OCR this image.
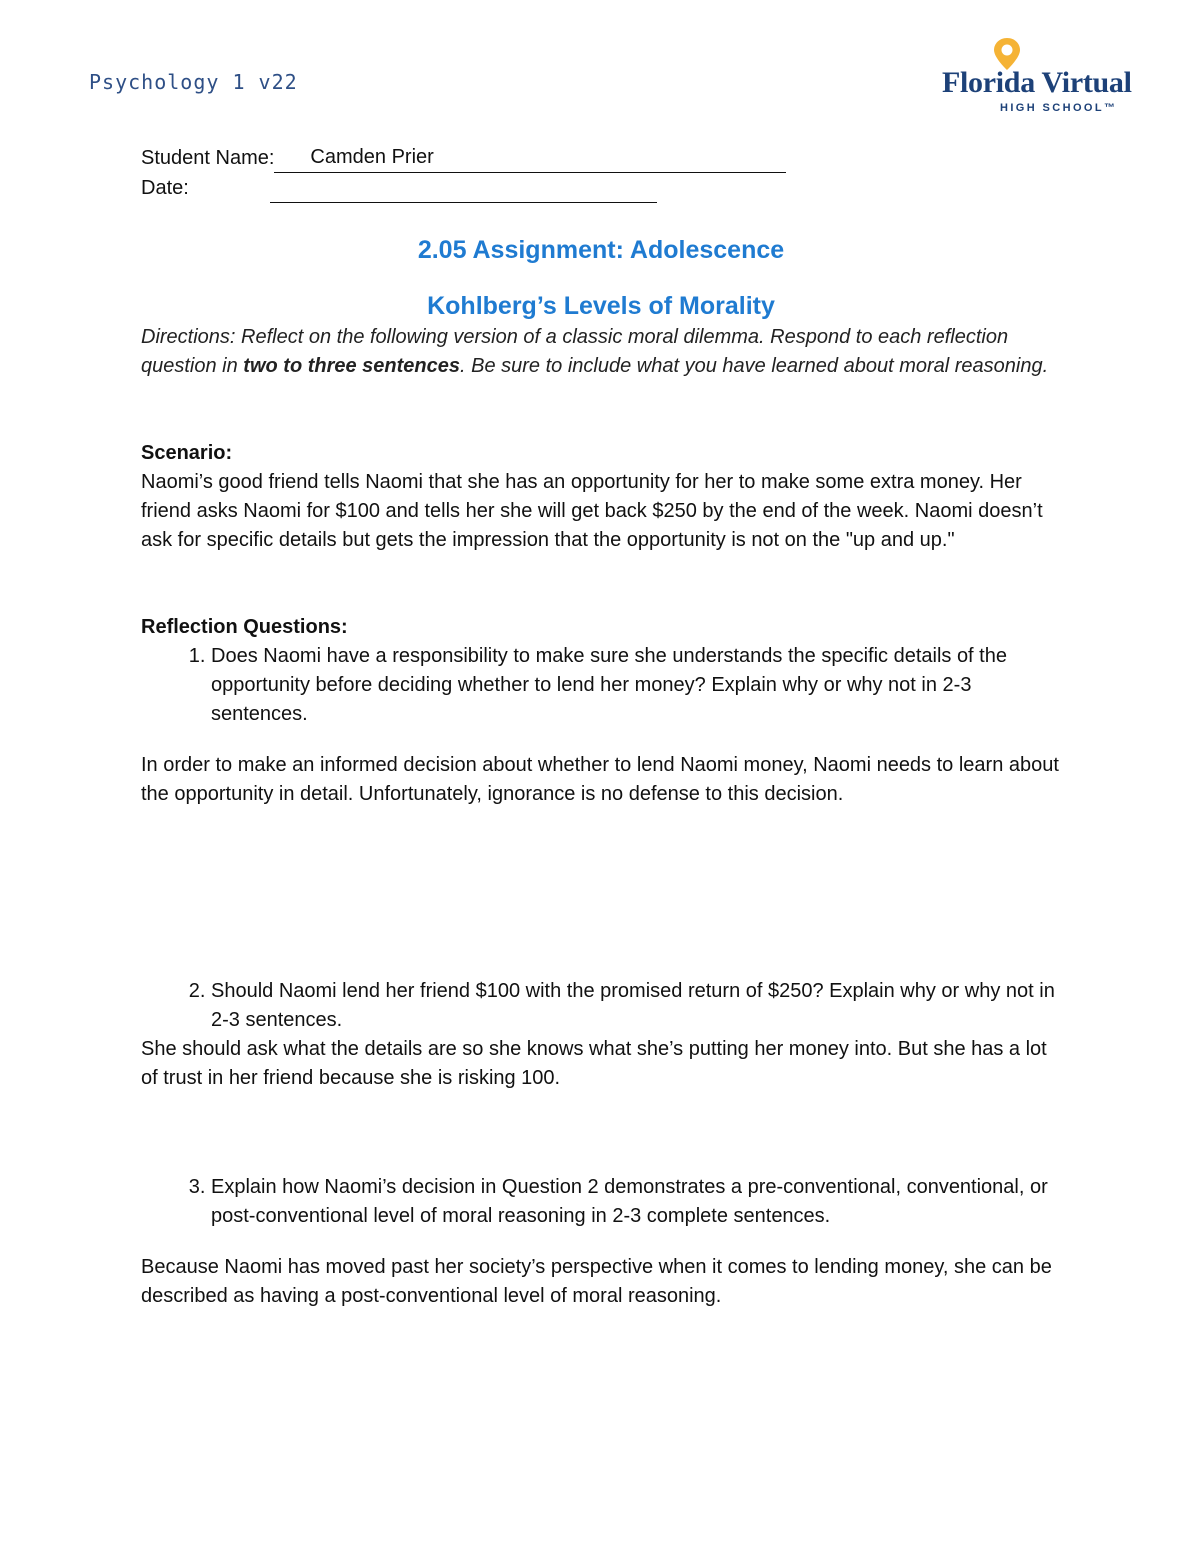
Psychology 1 v22	Florida Virtual
HIGH SCHOOL™
Student Name: Camden Prier
Date:
2.05 Assignment: Adolescence
Kohlberg’s Levels of Morality

Directions: Reflect on the following version of a classic moral dilemma. Respond to each reflection question in two to three sentences. Be sure to include what you have learned about moral reasoning.

Scenario:

Naomi’s good friend tells Naomi that she has an opportunity for her to make some extra money. Her friend asks Naomi for $100 and tells her she will get back $250 by the end of the week. Naomi doesn’t ask for specific details but gets the impression that the opportunity is not on the "up and up."

Reflection Questions:
1. Does Naomi have a responsibility to make sure she understands the specific details of the opportunity before deciding whether to lend her money? Explain why or why not in 2-3 sentences.

In order to make an informed decision about whether to lend Naomi money, Naomi needs to learn about the opportunity in detail. Unfortunately, ignorance is no defense to this decision.

2. Should Naomi lend her friend $100 with the promised return of $250? Explain why or why not in 2-3 sentences.

She should ask what the details are so she knows what she’s putting her money into. But she has a lot of trust in her friend because she is risking 100.

3. Explain how Naomi’s decision in Question 2 demonstrates a pre-conventional, conventional, or post-conventional level of moral reasoning in 2-3 complete sentences.

Because Naomi has moved past her society’s perspective when it comes to lending money, she can be described as having a post-conventional level of moral reasoning.
